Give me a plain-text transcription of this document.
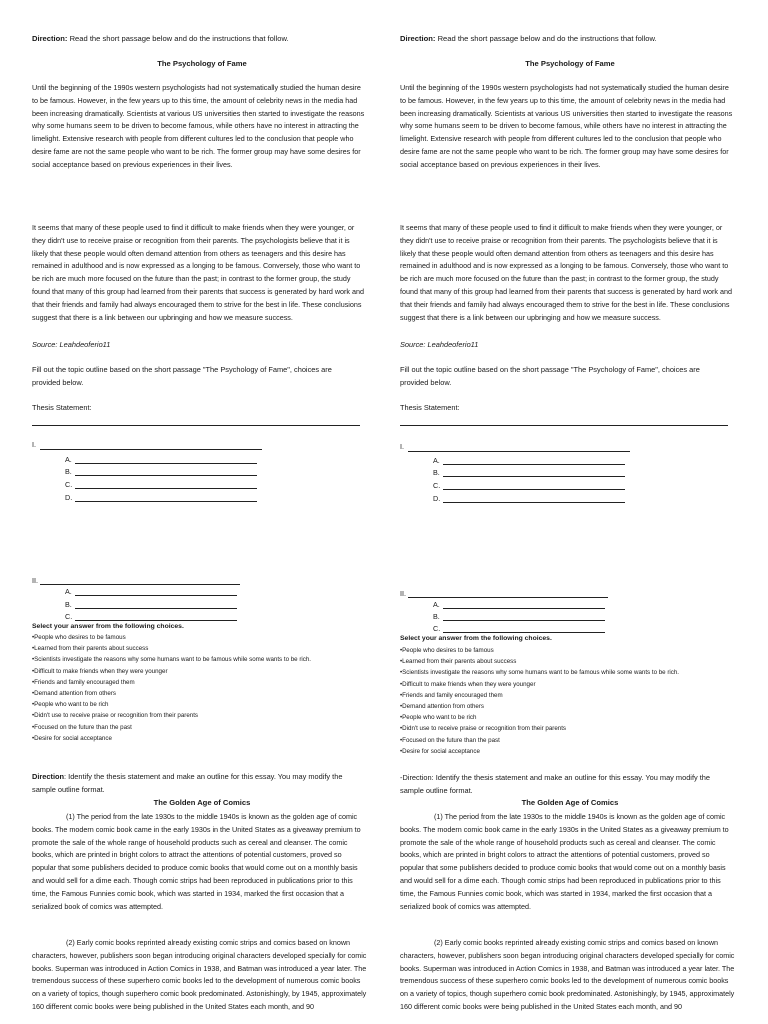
Direction: Read the short passage below and do the instructions that follow.
The Psychology of Fame

Until the beginning of the 1990s western psychologists had not systematically studied the human desire to be famous. However, in the few years up to this time, the amount of celebrity news in the media had been increasing dramatically. Scientists at various US universities then started to investigate the reasons why some humans seem to be driven to become famous, while others have no interest in attracting the limelight. Extensive research with people from different cultures led to the conclusion that people who desire fame are not the same people who want to be rich. The former group may have some desires for social acceptance based on previous experiences in their lives.

It seems that many of these people used to find it difficult to make friends when they were younger, or they didn't use to receive praise or recognition from their parents. The psychologists believe that it is likely that these people would often demand attention from others as teenagers and this desire has remained in adulthood and is now expressed as a longing to be famous. Conversely, those who want to be rich are much more focused on the future than the past; in contrast to the former group, the study found that many of this group had learned from their parents that success is generated by hard work and that their friends and family had always encouraged them to strive for the best in life. These conclusions suggest that there is a link between our upbringing and how we measure success.

Source: Leahdeoferio11
Fill out the topic outline based on the short passage "The Psychology of Fame", choices are provided below.
Thesis Statement:
I.
A.
B.
C.
D.
II.
A.
B.
C.
Select your answer from the following choices.
• People who desires to be famous
• Learned from their parents about success
• Scientists investigate the reasons why some humans want to be famous while some wants to be rich.
• Difficult to make friends when they were younger
• Friends and family encouraged them
• Demand attention from others
• People who want to be rich
• Didn't use to receive praise or recognition from their parents
• Focused on the future than the past
• Desire for social acceptance
Direction: Identify the thesis statement and make an outline for this essay. You may modify the sample outline format.
The Golden Age of Comics

(1) The period from the late 1930s to the middle 1940s is known as the golden age of comic books. The modern comic book came in the early 1930s in the United States as a giveaway premium to promote the sale of the whole range of household products such as cereal and cleanser. The comic books, which are printed in bright colors to attract the attentions of potential customers, proved so popular that some publishers decided to produce comic books that would come out on a monthly basis and would sell for a dime each. Though comic strips had been reproduced in publications prior to this time, the Famous Funnies comic book, which was started in 1934, marked the first occasion that a serialized book of comics was attempted.

(2) Early comic books reprinted already existing comic strips and comics based on known characters, however, publishers soon began introducing original characters developed specially for comic books. Superman was introduced in Action Comics in 1938, and Batman was introduced a year later. The tremendous success of these superhero comic books led to the development of numerous comic books on a variety of topics, though superhero comic book predominated. Astonishingly, by 1945, approximately 160 different comic books were being published in the United States each month, and 90

Direction: Read the short passage below and do the instructions that follow.
The Psychology of Fame

Until the beginning of the 1990s western psychologists had not systematically studied the human desire to be famous. However, in the few years up to this time, the amount of celebrity news in the media had been increasing dramatically. Scientists at various US universities then started to investigate the reasons why some humans seem to be driven to become famous, while others have no interest in attracting the limelight. Extensive research with people from different cultures led to the conclusion that people who desire fame are not the same people who want to be rich. The former group may have some desires for social acceptance based on previous experiences in their lives.

It seems that many of these people used to find it difficult to make friends when they were younger, or they didn't use to receive praise or recognition from their parents. The psychologists believe that it is likely that these people would often demand attention from others as teenagers and this desire has remained in adulthood and is now expressed as a longing to be famous. Conversely, those who want to be rich are much more focused on the future than the past; in contrast to the former group, the study found that many of this group had learned from their parents that success is generated by hard work and that their friends and family had always encouraged them to strive for the best in life. These conclusions suggest that there is a link between our upbringing and how we measure success.

Source: Leahdeoferio11
Fill out the topic outline based on the short passage "The Psychology of Fame", choices are provided below.
Thesis Statement:
I.
A.
B.
C.
D.
II.
A.
B.
C.
Select your answer from the following choices.
• People who desires to be famous
• Learned from their parents about success
• Scientists investigate the reasons why some humans want to be famous while some wants to be rich.
• Difficult to make friends when they were younger
• Friends and family encouraged them
• Demand attention from others
• People who want to be rich
• Didn't use to receive praise or recognition from their parents
• Focused on the future than the past
• Desire for social acceptance
-Direction: Identify the thesis statement and make an outline for this essay. You may modify the sample outline format.
The Golden Age of Comics

(1) The period from the late 1930s to the middle 1940s is known as the golden age of comic books. The modern comic book came in the early 1930s in the United States as a giveaway premium to promote the sale of the whole range of household products such as cereal and cleanser. The comic books, which are printed in bright colors to attract the attentions of potential customers, proved so popular that some publishers decided to produce comic books that would come out on a monthly basis and would sell for a dime each. Though comic strips had been reproduced in publications prior to this time, the Famous Funnies comic book, which was started in 1934, marked the first occasion that a serialized book of comics was attempted.

(2) Early comic books reprinted already existing comic strips and comics based on known characters, however, publishers soon began introducing original characters developed specially for comic books. Superman was introduced in Action Comics in 1938, and Batman was introduced a year later. The tremendous success of these superhero comic books led to the development of numerous comic books on a variety of topics, though superhero comic book predominated. Astonishingly, by 1945, approximately 160 different comic books were being published in the United States each month, and 90
